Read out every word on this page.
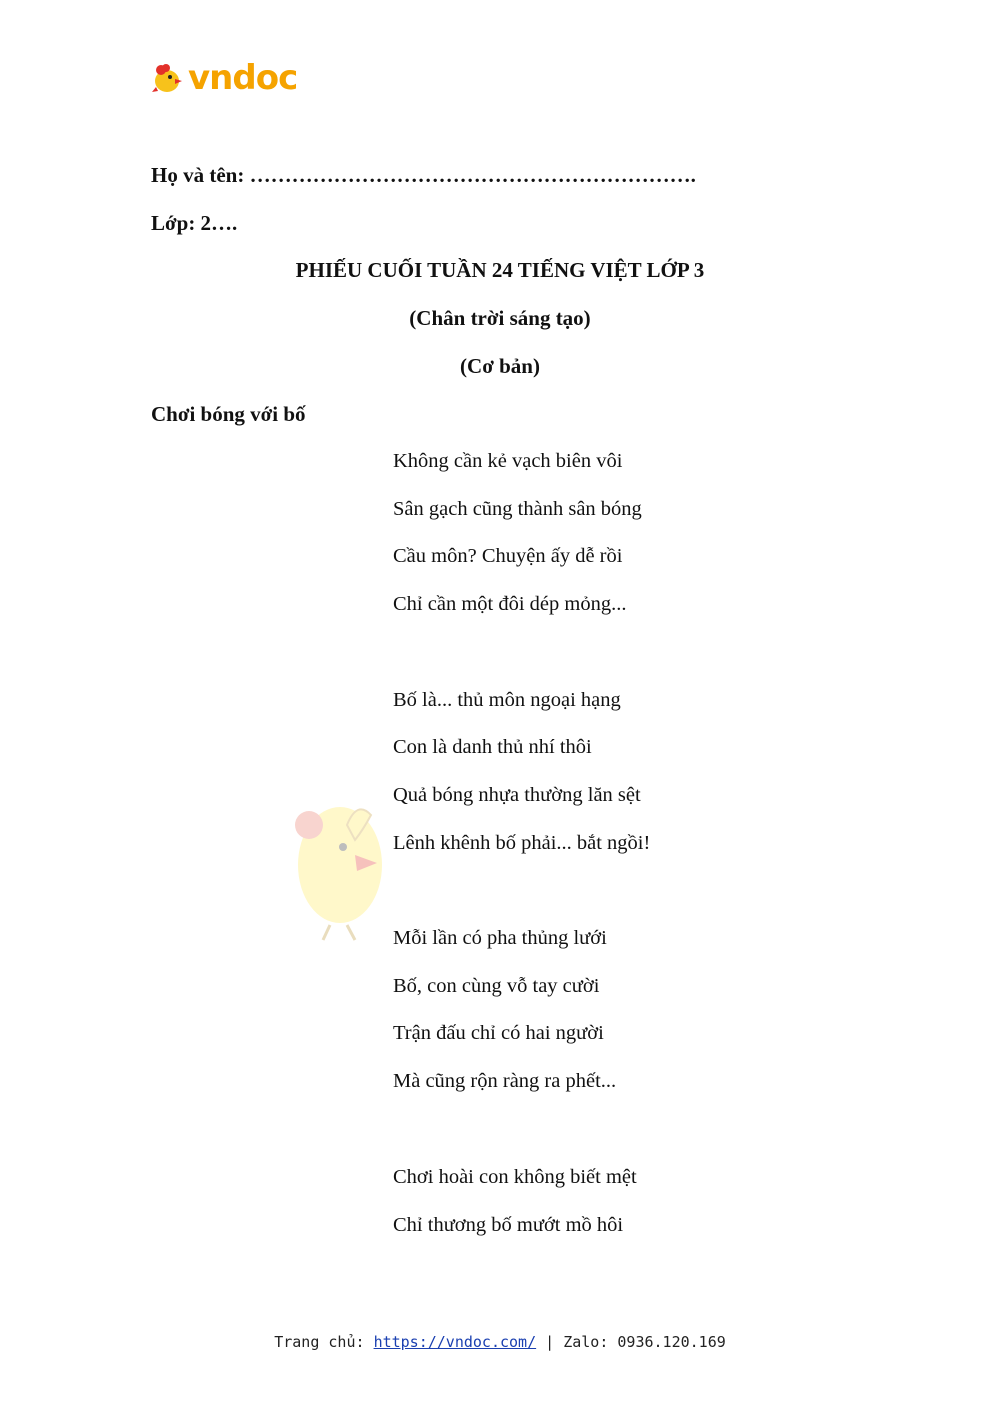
vndoc
Họ và tên: ……………………………………………………….
Lớp: 2….
PHIẾU CUỐI TUẦN 24 TIẾNG VIỆT LỚP 3
(Chân trời sáng tạo)
(Cơ bản)
Chơi bóng với bố
Không cần kẻ vạch biên vôi
Sân gạch cũng thành sân bóng
Cầu môn? Chuyện ấy dễ rồi
Chỉ cần một đôi dép mỏng...
Bố là... thủ môn ngoại hạng
Con là danh thủ nhí thôi
Quả bóng nhựa thường lăn sệt
Lênh khênh bố phải... bắt ngồi!
Mỗi lần có pha thủng lưới
Bố, con cùng vỗ tay cười
Trận đấu chỉ có hai người
Mà cũng rộn ràng ra phết...
Chơi hoài con không biết mệt
Chỉ thương bố mướt mồ hôi
Trang chủ: https://vndoc.com/ | Zalo: 0936.120.169
